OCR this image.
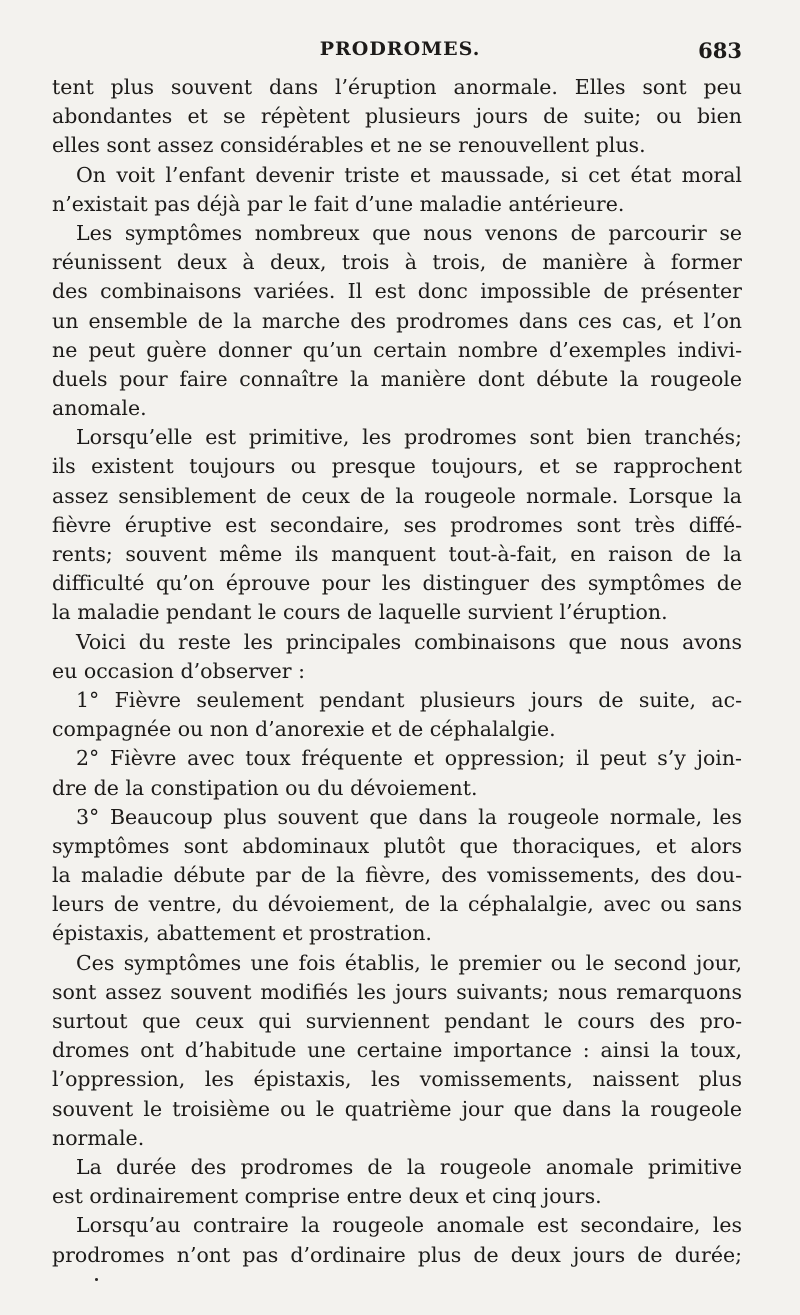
PRODROMES.	683
tent plus souvent dans l’éruption anormale. Elles sont peu
abondantes et se répètent plusieurs jours de suite; ou bien
elles sont assez considérables et ne se renouvellent plus.
On voit l’enfant devenir triste et maussade, si cet état moral
n’existait pas déjà par le fait d’une maladie antérieure.
Les symptômes nombreux que nous venons de parcourir se
réunissent deux à deux, trois à trois, de manière à former
des combinaisons variées. Il est donc impossible de présenter
un ensemble de la marche des prodromes dans ces cas, et l’on
ne peut guère donner qu’un certain nombre d’exemples indivi-
duels pour faire connaître la manière dont débute la rougeole
anomale.
Lorsqu’elle est primitive, les prodromes sont bien tranchés;
ils existent toujours ou presque toujours, et se rapprochent
assez sensiblement de ceux de la rougeole normale. Lorsque la
fièvre éruptive est secondaire, ses prodromes sont très diffé-
rents; souvent même ils manquent tout-à-fait, en raison de la
difficulté qu’on éprouve pour les distinguer des symptômes de
la maladie pendant le cours de laquelle survient l’éruption.
Voici du reste les principales combinaisons que nous avons
eu occasion d’observer :
1° Fièvre seulement pendant plusieurs jours de suite, ac-
compagnée ou non d’anorexie et de céphalalgie.
2° Fièvre avec toux fréquente et oppression; il peut s’y join-
dre de la constipation ou du dévoiement.
3° Beaucoup plus souvent que dans la rougeole normale, les
symptômes sont abdominaux plutôt que thoraciques, et alors
la maladie débute par de la fièvre, des vomissements, des dou-
leurs de ventre, du dévoiement, de la céphalalgie, avec ou sans
épistaxis, abattement et prostration.
Ces symptômes une fois établis, le premier ou le second jour,
sont assez souvent modifiés les jours suivants; nous remarquons
surtout que ceux qui surviennent pendant le cours des pro-
dromes ont d’habitude une certaine importance : ainsi la toux,
l’oppression, les épistaxis, les vomissements, naissent plus
souvent le troisième ou le quatrième jour que dans la rougeole
normale.
La durée des prodromes de la rougeole anomale primitive
est ordinairement comprise entre deux et cinq jours.
Lorsqu’au contraire la rougeole anomale est secondaire, les
prodromes n’ont pas d’ordinaire plus de deux jours de durée;
